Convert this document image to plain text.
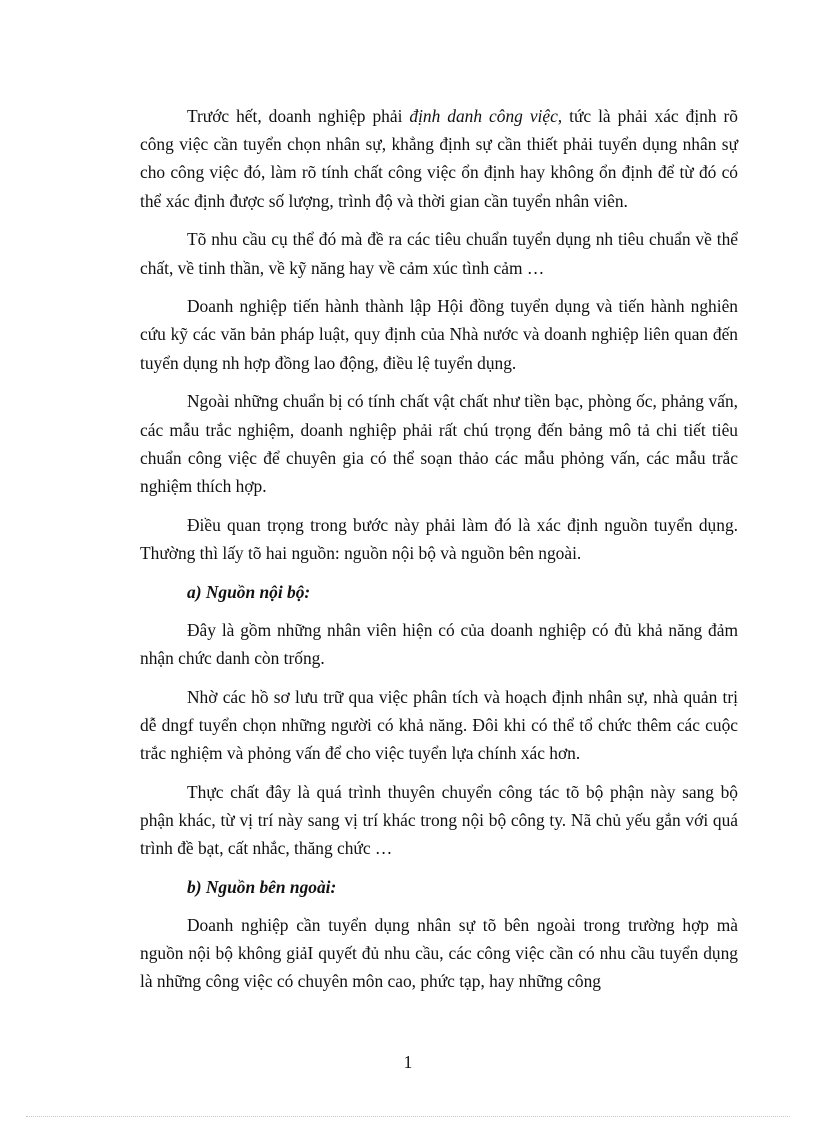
Trước hết, doanh nghiệp phải định danh công việc, tức là phải xác định rõ công việc cần tuyển chọn nhân sự, khẳng định sự cần thiết phải tuyển dụng nhân sự cho công việc đó, làm rõ tính chất công việc ổn định hay không ổn định để từ đó có thể xác định được số lượng, trình độ và thời gian cần tuyển nhân viên.

Tõ nhu cầu cụ thể đó mà đề ra các tiêu chuẩn tuyển dụng nh tiêu chuẩn về thể chất, về tinh thần, về kỹ năng hay về cảm xúc tình cảm …

Doanh nghiệp tiến hành thành lập Hội đồng tuyển dụng và tiến hành nghiên cứu kỹ các văn bản pháp luật, quy định của Nhà nước và doanh nghiệp liên quan đến tuyển dụng nh hợp đồng lao động, điều lệ tuyển dụng.

Ngoài những chuẩn bị có tính chất vật chất như tiền bạc, phòng ốc, phảng vấn, các mẫu trắc nghiệm, doanh nghiệp phải rất chú trọng đến bảng mô tả chi tiết tiêu chuẩn công việc để chuyên gia có thể soạn thảo các mẫu phỏng vấn, các mẫu trắc nghiệm thích hợp.

Điều quan trọng trong bước này phải làm đó là xác định nguồn tuyển dụng. Thường thì lấy tõ hai nguồn: nguồn nội bộ và nguồn bên ngoài.

a) Nguồn nội bộ:

Đây là gồm những nhân viên hiện có của doanh nghiệp có đủ khả năng đảm nhận chức danh còn trống.

Nhờ các hồ sơ lưu trữ qua việc phân tích và hoạch định nhân sự, nhà quản trị dễ dngf tuyển chọn những người có khả năng. Đôi khi có thể tổ chức thêm các cuộc trắc nghiệm và phỏng vấn để cho việc tuyển lựa chính xác hơn.

Thực chất đây là quá trình thuyên chuyển công tác tõ bộ phận này sang bộ phận khác, từ vị trí này sang vị trí khác trong nội bộ công ty. Nã chủ yếu gắn với quá trình đề bạt, cất nhắc, thăng chức …

b) Nguồn bên ngoài:

Doanh nghiệp cần tuyển dụng nhân sự tõ bên ngoài trong trường hợp mà nguồn nội bộ không giảI quyết đủ nhu cầu, các công việc cần có nhu cầu tuyển dụng là những công việc có chuyên môn cao, phức tạp, hay những công

1
